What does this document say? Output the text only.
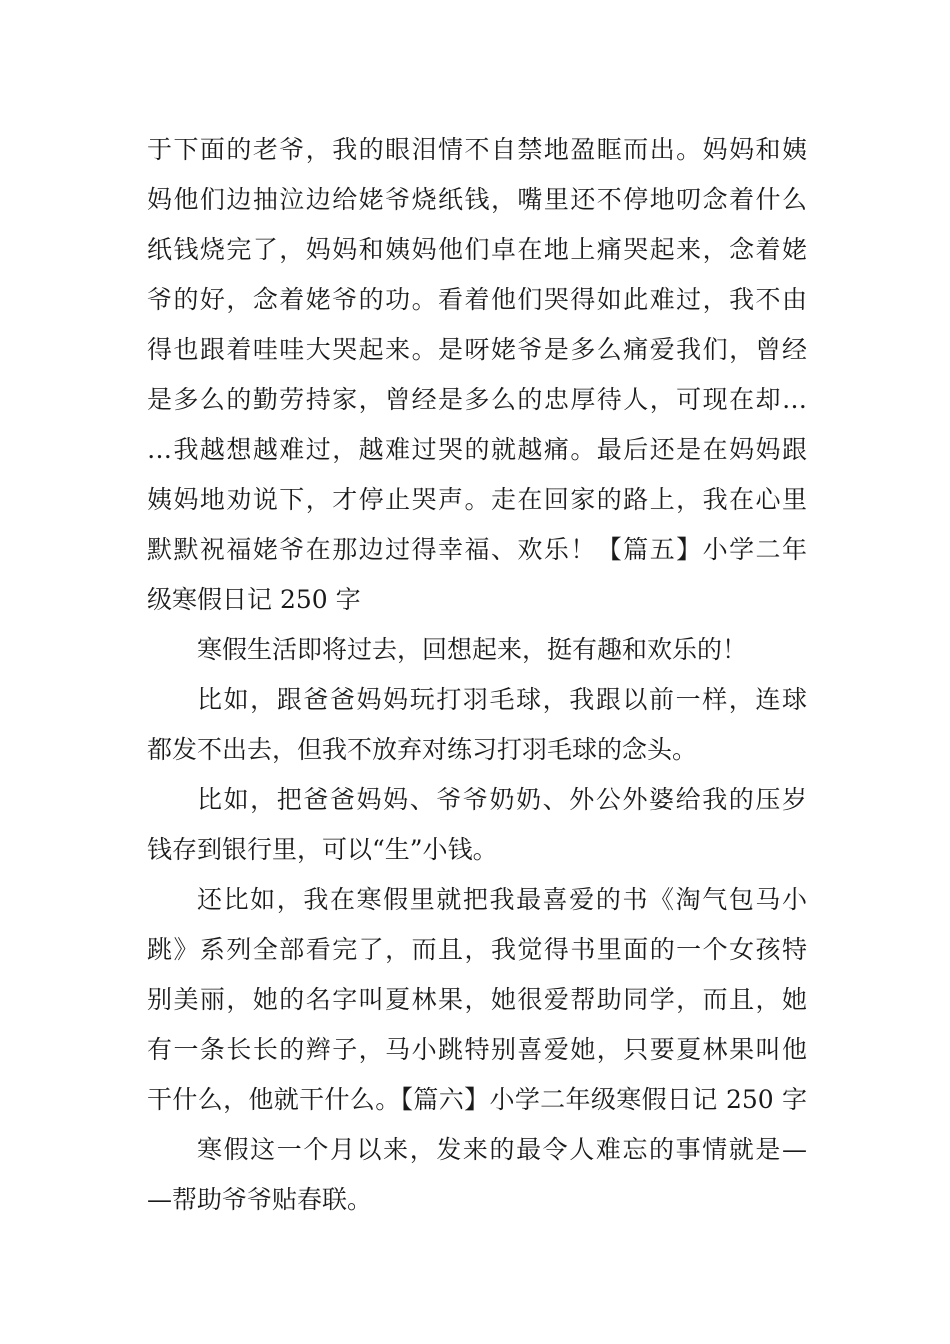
于下面的老爷，我的眼泪情不自禁地盈眶而出。妈妈和姨
妈他们边抽泣边给姥爷烧纸钱，嘴里还不停地叨念着什么
纸钱烧完了，妈妈和姨妈他们卓在地上痛哭起来，念着姥
爷的好，念着姥爷的功。看着他们哭得如此难过，我不由
得也跟着哇哇大哭起来。是呀姥爷是多么痛爱我们，曾经
是多么的勤劳持家，曾经是多么的忠厚待人，可现在却…
…我越想越难过，越难过哭的就越痛。最后还是在妈妈跟
姨妈地劝说下，才停止哭声。走在回家的路上，我在心里
默默祝福姥爷在那边过得幸福、欢乐！【篇五】小学二年
级寒假日记 250 字
寒假生活即将过去，回想起来，挺有趣和欢乐的！
比如，跟爸爸妈妈玩打羽毛球，我跟以前一样，连球
都发不出去，但我不放弃对练习打羽毛球的念头。
比如，把爸爸妈妈、爷爷奶奶、外公外婆给我的压岁
钱存到银行里，可以“生”小钱。
还比如，我在寒假里就把我最喜爱的书《淘气包马小
跳》系列全部看完了，而且，我觉得书里面的一个女孩特
别美丽，她的名字叫夏林果，她很爱帮助同学，而且，她
有一条长长的辫子，马小跳特别喜爱她，只要夏林果叫他
干什么，他就干什么。【篇六】小学二年级寒假日记 250 字
寒假这一个月以来，发来的最令人难忘的事情就是—
—帮助爷爷贴春联。
